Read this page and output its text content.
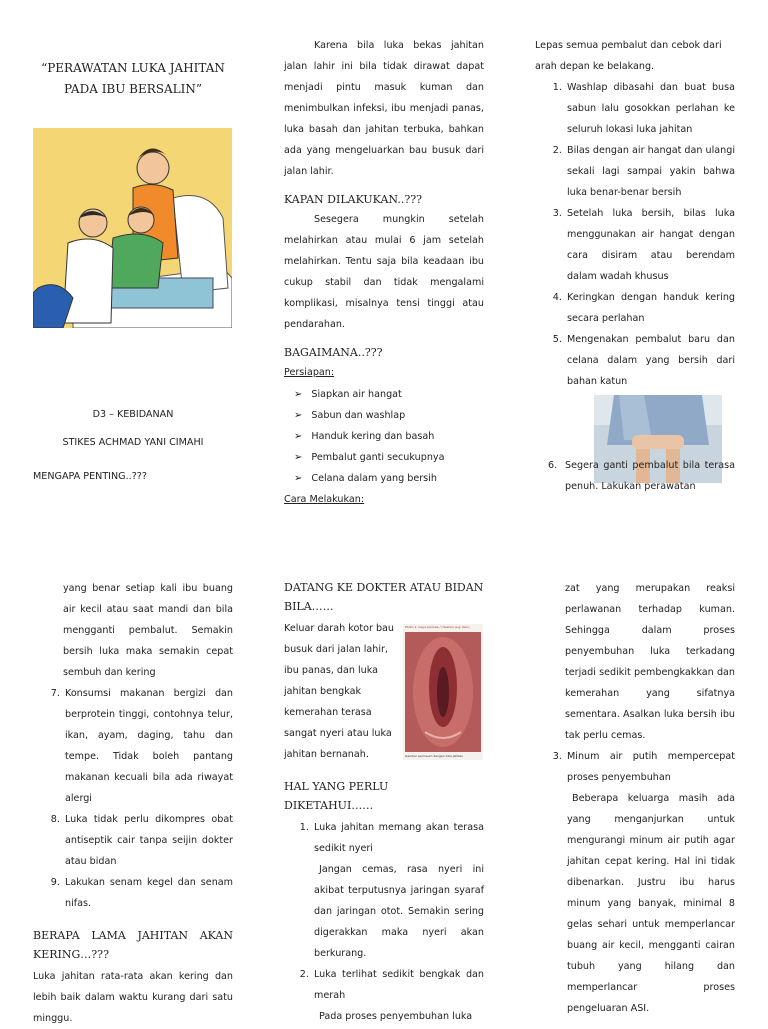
“PERAWATAN LUKA JAHITAN
PADA IBU BERSALIN”
D3 – KEBIDANAN
STIKES ACHMAD YANI CIMAHI
MENGAPA PENTING..???
Karena bila luka bekas jahitan jalan lahir ini bila tidak dirawat dapat menjadi pintu masuk kuman dan menimbulkan infeksi, ibu menjadi panas, luka basah dan jahitan terbuka, bahkan ada yang mengeluarkan bau busuk dari jalan lahir.
KAPAN DILAKUKAN..???
Sesegera mungkin setelah melahirkan atau mulai 6 jam setelah melahirkan. Tentu saja bila keadaan ibu cukup stabil dan tidak mengalami komplikasi, misalnya tensi tinggi atau pendarahan.
BAGAIMANA..???
Persiapan:
➢ Siapkan air hangat
➢ Sabun dan washlap
➢ Handuk kering dan basah
➢ Pembalut ganti secukupnya
➢ Celana dalam yang bersih
Cara Melakukan:
Lepas semua pembalut dan cebok dari arah depan ke belakang.
1. Washlap dibasahi dan buat busa sabun lalu gosokkan perlahan ke seluruh lokasi luka jahitan
2. Bilas dengan air hangat dan ulangi sekali lagi sampai yakin bahwa luka benar-benar bersih
3. Setelah luka bersih, bilas luka menggunakan air hangat dengan cara disiram atau berendam dalam wadah khusus
4. Keringkan dengan handuk kering secara perlahan
5. Mengenakan pembalut baru dan celana dalam yang bersih dari bahan katun
6. Segera ganti pembalut bila terasa penuh. Lakukan perawatan
yang benar setiap kali ibu buang air kecil atau saat mandi dan bila mengganti pembalut. Semakin bersih luka maka semakin cepat sembuh dan kering
7. Konsumsi makanan bergizi dan berprotein tinggi, contohnya telur, ikan, ayam, daging, tahu dan tempe. Tidak boleh pantang makanan kecuali bila ada riwayat alergi
8. Luka tidak perlu dikompres obat antiseptik cair tanpa seijin dokter atau bidan
9. Lakukan senam kegel dan senam nifas.
BERAPA LAMA JAHITAN AKAN KERING…???
Luka jahitan rata-rata akan kering dan lebih baik dalam waktu kurang dari satu minggu.
DATANG KE DOKTER ATAU BIDAN BILA……
Keluar darah kotor bau busuk dari jalan lahir, ibu panas, dan luka jahitan bengkak kemerahan terasa sangat nyeri atau luka jahitan bernanah.
HAL YANG PERLU DIKETAHUI……
1. Luka jahitan memang akan terasa sedikit nyeri
Jangan cemas, rasa nyeri ini akibat terputusnya jaringan syaraf dan jaringan otot. Semakin sering digerakkan maka nyeri akan berkurang.
2. Luka terlihat sedikit bengkak dan merah
Pada proses penyembuhan luka
Photo 1: Gaya perinea / robekan (e.g. Kerr)
Gambar perineum dengan luka jahitan
zat yang merupakan reaksi perlawanan terhadap kuman. Sehingga dalam proses penyembuhan luka terkadang terjadi sedikit pembengkakkan dan kemerahan yang sifatnya sementara. Asalkan luka bersih ibu tak perlu cemas.
3. Minum air putih mempercepat proses penyembuhan
Beberapa keluarga masih ada yang menganjurkan untuk mengurangi minum air putih agar jahitan cepat kering. Hal ini tidak dibenarkan. Justru ibu harus minum yang banyak, minimal 8 gelas sehari untuk memperlancar buang air kecil, mengganti cairan tubuh yang hilang dan memperlancar proses pengeluaran ASI.
